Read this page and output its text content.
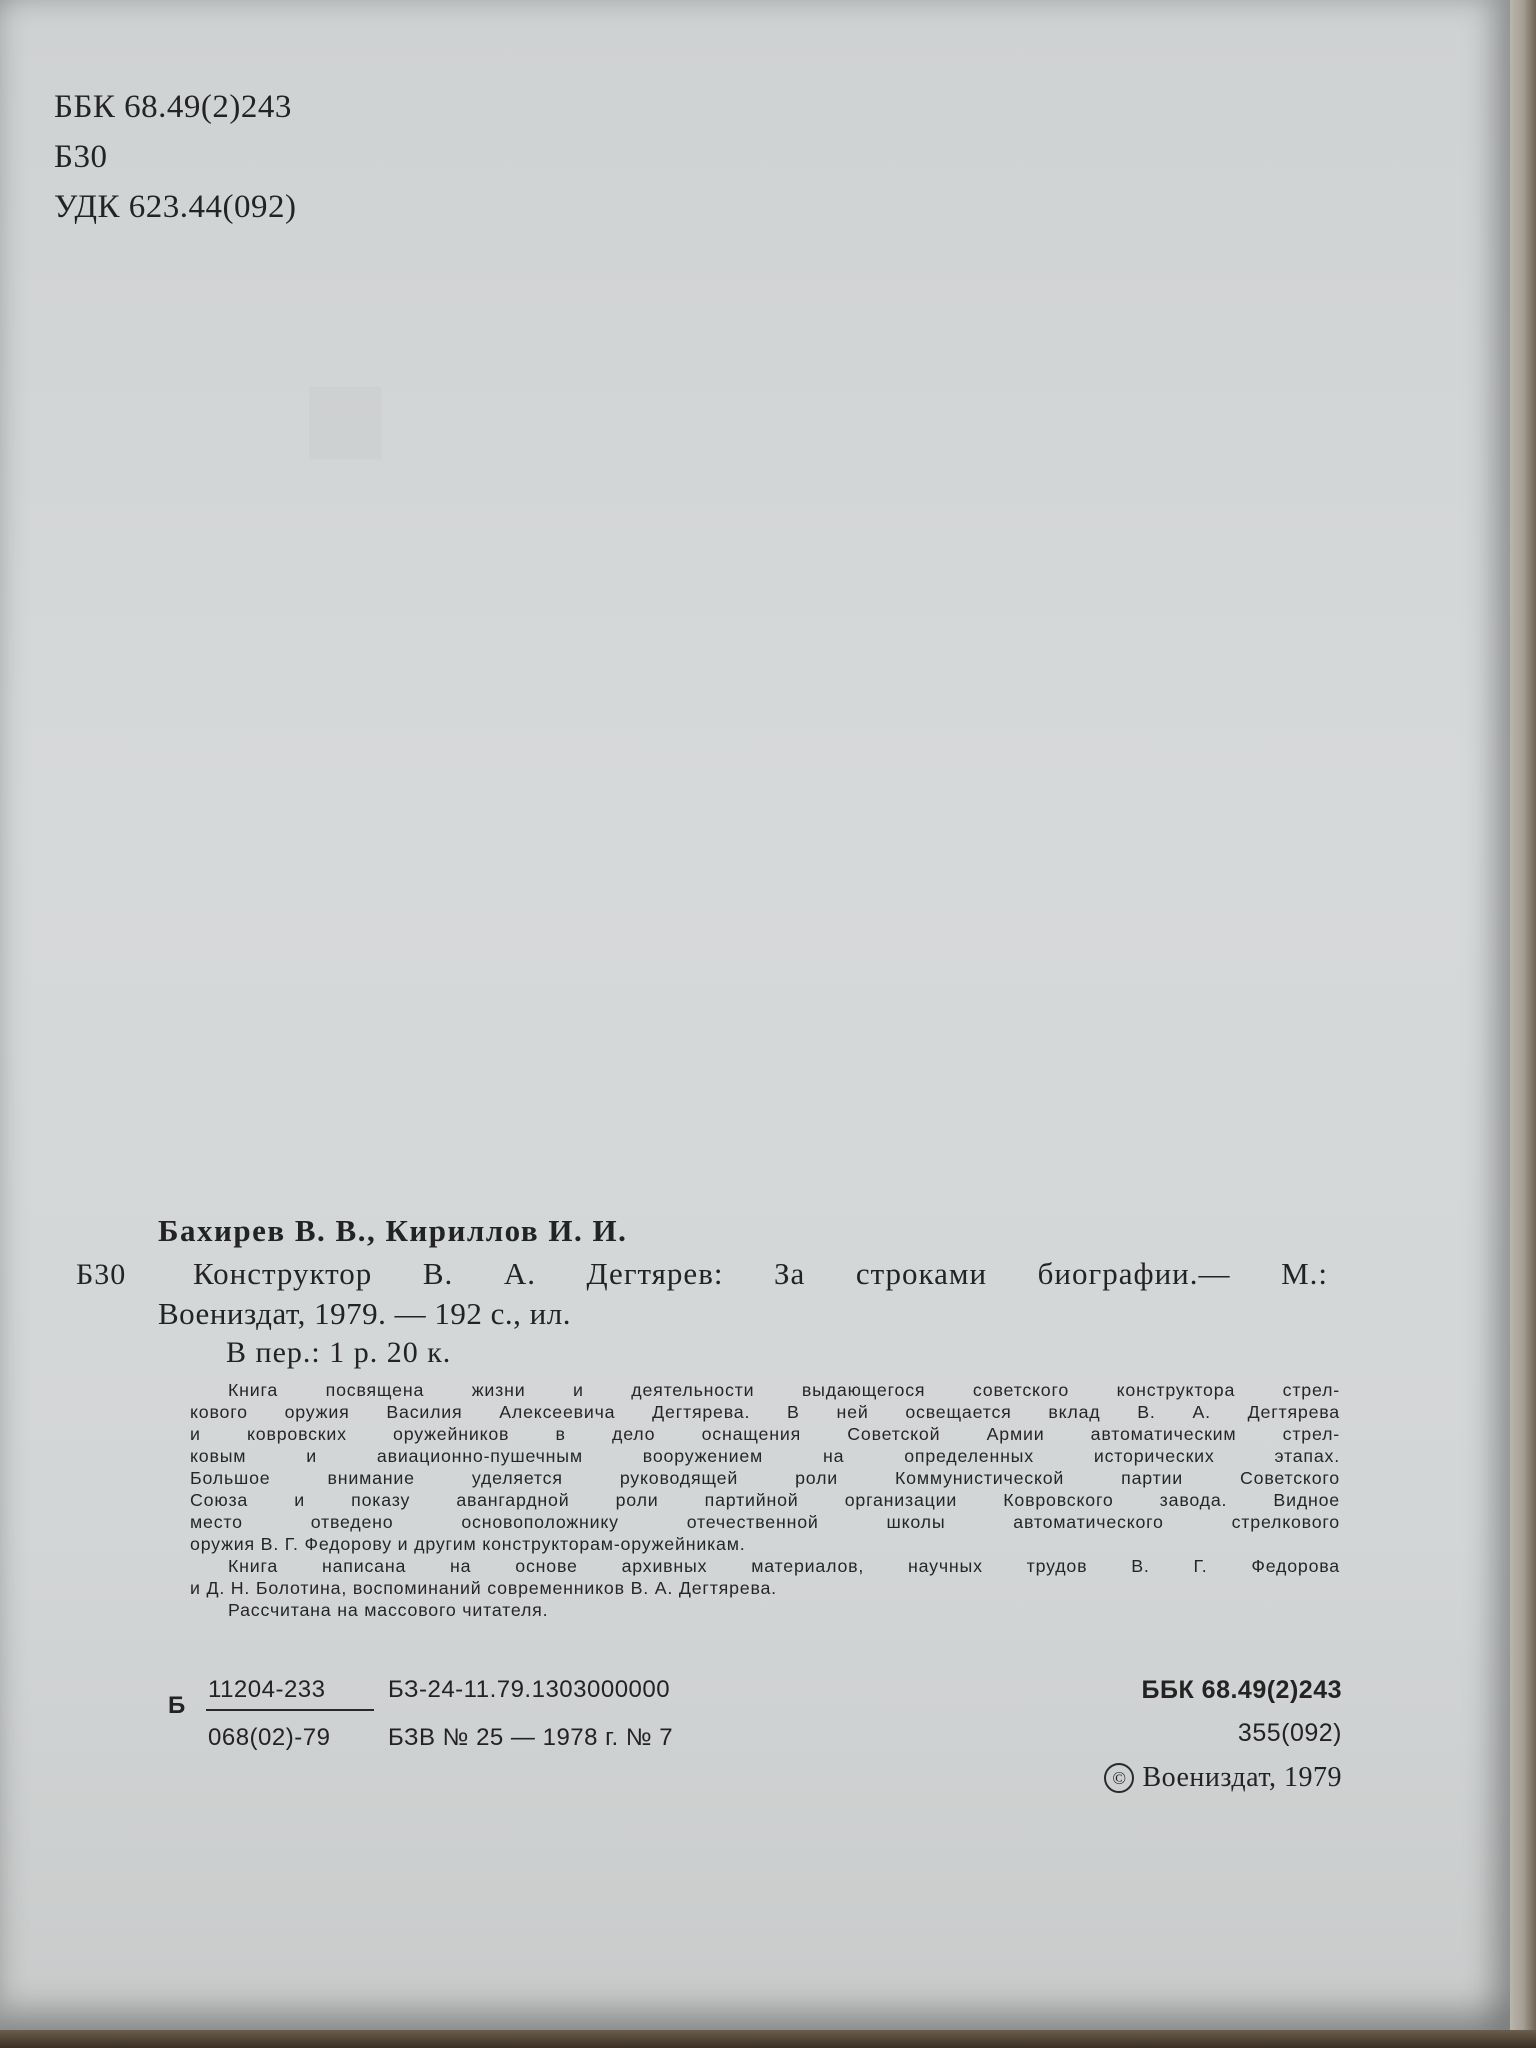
■
ББК 68.49(2)243
Б30
УДК 623.44(092)
Бахирев В. В., Кириллов И. И.
Б30 Конструктор В. А. Дегтярев: За строками биографии.— М.:
Воениздат, 1979. — 192 с., ил.
В пер.: 1 р. 20 к.
Книга посвящена жизни и деятельности выдающегося советского конструктора стрел-
кового оружия Василия Алексеевича Дегтярева. В ней освещается вклад В. А. Дегтярева
и ковровских оружейников в дело оснащения Советской Армии автоматическим стрел-
ковым и авиационно-пушечным вооружением на определенных исторических этапах.
Большое внимание уделяется руководящей роли Коммунистической партии Советского
Союза и показу авангардной роли партийной организации Ковровского завода. Видное
место отведено основоположнику отечественной школы автоматического стрелкового
оружия В. Г. Федорову и другим конструкторам-оружейникам.
Книга написана на основе архивных материалов, научных трудов В. Г. Федорова
и Д. Н. Болотина, воспоминаний современников В. А. Дегтярева.
Рассчитана на массового читателя.
Б
11204-233
068(02)-79
БЗ-24-11.79.1303000000
БЗВ № 25 — 1978 г. № 7
ББК 68.49(2)243
355(092)
© Воениздат, 1979
